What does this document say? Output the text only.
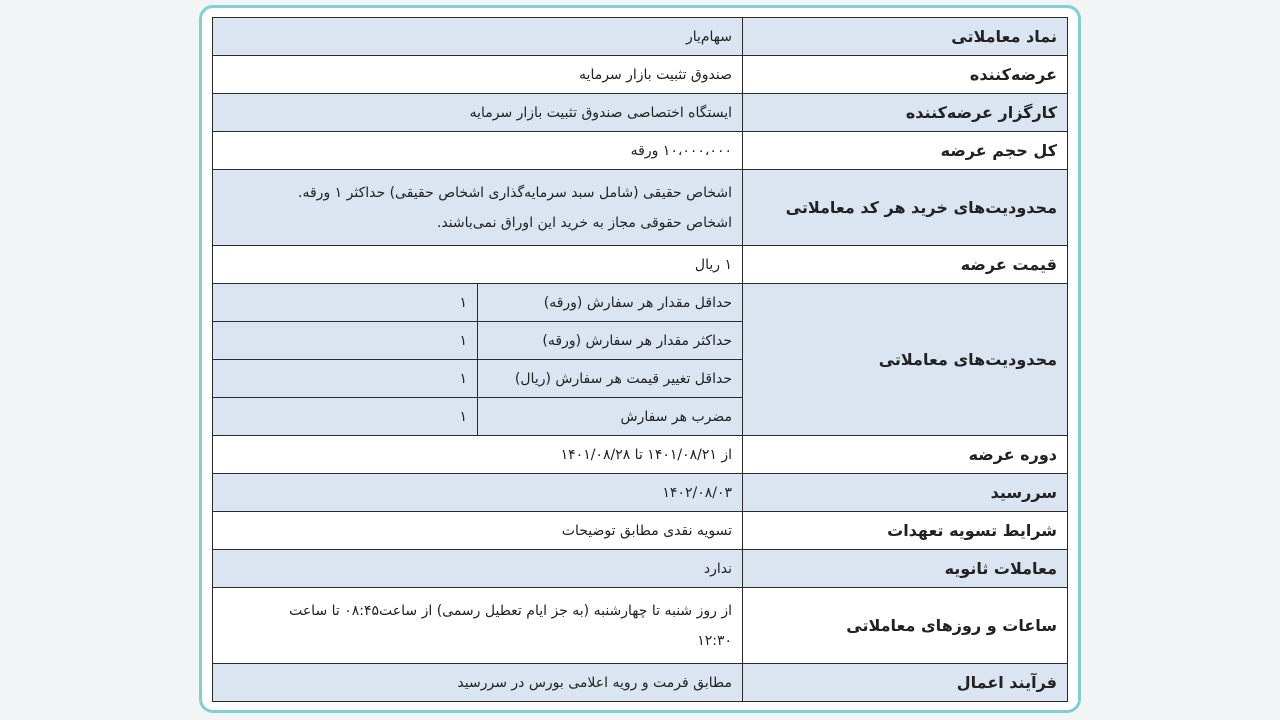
نماد معاملاتی	سهام‌یار	
عرضه‌کننده	صندوق تثبیت بازار سرمایه	
کارگزار عرضه‌کننده	ایستگاه اختصاصی صندوق تثبیت بازار سرمایه	
کل حجم عرضه	۱۰،۰۰۰،۰۰۰ ورقه	
محدودیت‌های خرید هر کد معاملاتی	اشخاص حقیقی (شامل سبد سرمایه‌گذاری اشخاص حقیقی) حداکثر ۱ ورقه.
اشخاص حقوقی مجاز به خرید این اوراق نمی‌باشند.	

قیمت عرضه	۱ ریال	
محدودیت‌های معاملاتی	حداقل مقدار هر سفارش (ورقه)	۱
	حداکثر مقدار هر سفارش (ورقه)	۱
	حداقل تغییر قیمت هر سفارش (ریال)	۱
	مضرب هر سفارش	۱
دوره عرضه	از ۱۴۰۱/۰۸/۲۱ تا ۱۴۰۱/۰۸/۲۸	
سررسید	۱۴۰۲/۰۸/۰۳	
شرایط تسویه تعهدات	تسویه نقدی مطابق توضیحات	
معاملات ثانویه	ندارد	
ساعات و روزهای معاملاتی	از روز شنبه تا چهارشنبه (به جز ایام تعطیل رسمی) از ساعت۰۸:۴۵ تا ساعت
۱۲:۳۰	

فرآیند اعمال	مطابق فرمت و رویه اعلامی بورس در سررسید	
